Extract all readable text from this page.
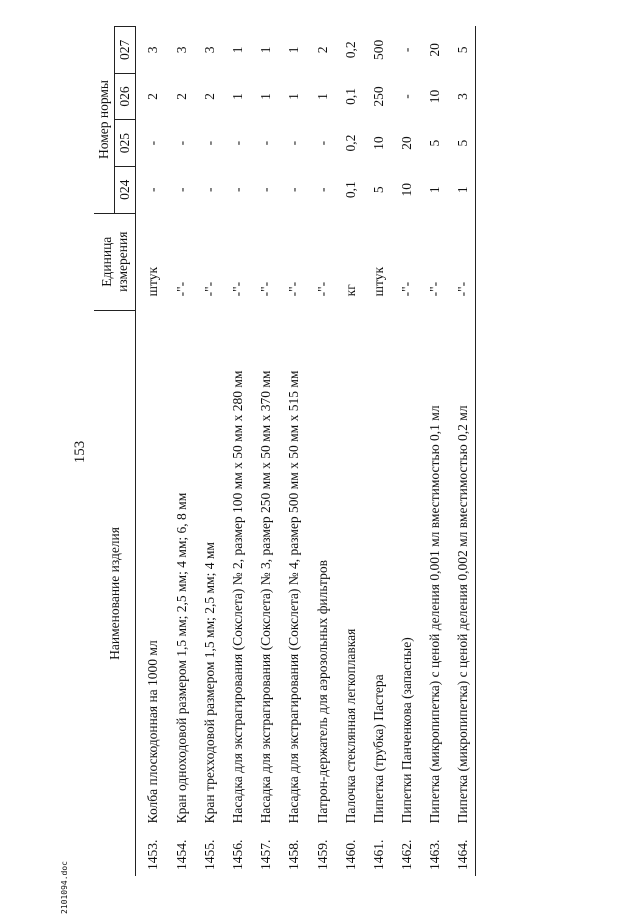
153
2101094.doc
Наименование изделия		Единица
измерения	Номер нормы			
			024	025	026	027
1453.	Колба плоскодонная на 1000 мл	штук	-	-	2	3
1454.	Кран одноходовой размером 1,5 мм; 2,5 мм; 4 мм; 6, 8 мм	-"-	-	-	2	3
1455.	Кран трехходовой размером 1,5 мм; 2,5 мм; 4 мм	-"-	-	-	2	3
1456.	Насадка для экстрагирования (Сокслета) № 2, размер 100 мм х 50 мм х 280 мм	-"-	-	-	1	1
1457.	Насадка для экстрагирования (Сокслета) № 3, размер 250 мм х 50 мм х 370 мм	-"-	-	-	1	1
1458.	Насадка для экстрагирования (Сокслета) № 4, размер 500 мм х 50 мм х 515 мм	-"-	-	-	1	1
1459.	Патрон-держатель для аэрозольных фильтров	-"-	-	-	1	2
1460.	Палочка стеклянная легкоплавкая	кг	0,1	0,2	0,1	0,2
1461.	Пипетка (трубка) Пастера	штук	5	10	250	500
1462.	Пипетки Панченкова (запасные)	-"-	10	20	-	-
1463.	Пипетка (микропипетка) с ценой деления 0,001 мл вместимостью 0,1 мл	-"-	1	5	10	20
1464.	Пипетка (микропипетка) с ценой деления 0,002 мл вместимостью 0,2 мл	-"-	1	5	3	5
